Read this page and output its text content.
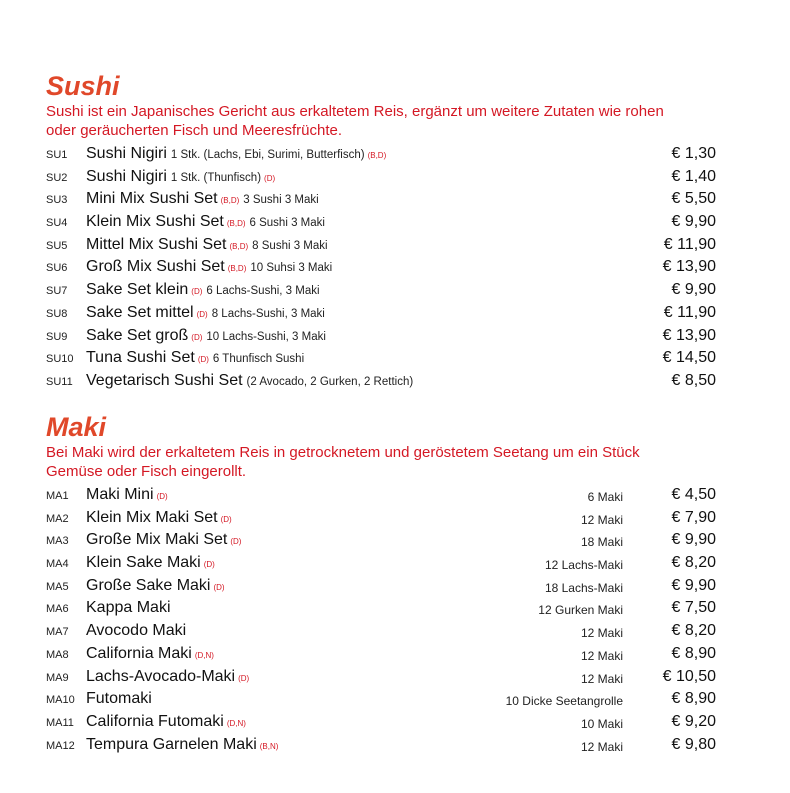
Sushi
Sushi ist ein Japanisches Gericht aus erkaltetem Reis, ergänzt um weitere Zutaten wie rohen oder geräucherten Fisch und Meeresfrüchte.
SU1	Sushi Nigiri 1 Stk. (Lachs, Ebi, Surimi, Butterfisch) (B,D)	€ 1,30
SU2	Sushi Nigiri 1 Stk. (Thunfisch) (D)	€ 1,40
SU3	Mini Mix Sushi Set (B,D) 3 Sushi 3 Maki	€ 5,50
SU4	Klein Mix Sushi Set (B,D) 6 Sushi 3 Maki	€ 9,90
SU5	Mittel Mix Sushi Set (B,D) 8 Sushi 3 Maki	€ 11,90
SU6	Groß Mix Sushi Set (B,D) 10 Suhsi 3 Maki	€ 13,90
SU7	Sake Set klein (D) 6 Lachs-Sushi, 3 Maki	€ 9,90
SU8	Sake Set mittel (D) 8 Lachs-Sushi, 3 Maki	€ 11,90
SU9	Sake Set groß (D) 10 Lachs-Sushi, 3 Maki	€ 13,90
SU10 Tuna Sushi Set (D) 6 Thunfisch Sushi	€ 14,50
SU11 Vegetarisch Sushi Set (2 Avocado, 2 Gurken, 2 Rettich)	€ 8,50
Maki
Bei Maki wird der erkaltetem Reis in getrocknetem und geröstetem Seetang um ein Stück Gemüse oder Fisch eingerollt.
MA1	Maki Mini (D)	6 Maki	€ 4,50
MA2	Klein Mix Maki Set (D)	12 Maki	€ 7,90
MA3	Große Mix Maki Set (D)	18 Maki	€ 9,90
MA4	Klein Sake Maki (D)	12 Lachs-Maki	€ 8,20
MA5	Große Sake Maki (D)	18 Lachs-Maki	€ 9,90
MA6	Kappa Maki	12 Gurken Maki	€ 7,50
MA7	Avocodo Maki	12 Maki	€ 8,20
MA8	California Maki (D,N)	12 Maki	€ 8,90
MA9	Lachs-Avocado-Maki (D)	12 Maki € 10,50
MA10 Futomaki	10 Dicke Seetangrolle	€ 8,90
MA11 California Futomaki (D,N)	10 Maki	€ 9,20
MA12 Tempura Garnelen Maki (B,N)	12 Maki	€ 9,80
